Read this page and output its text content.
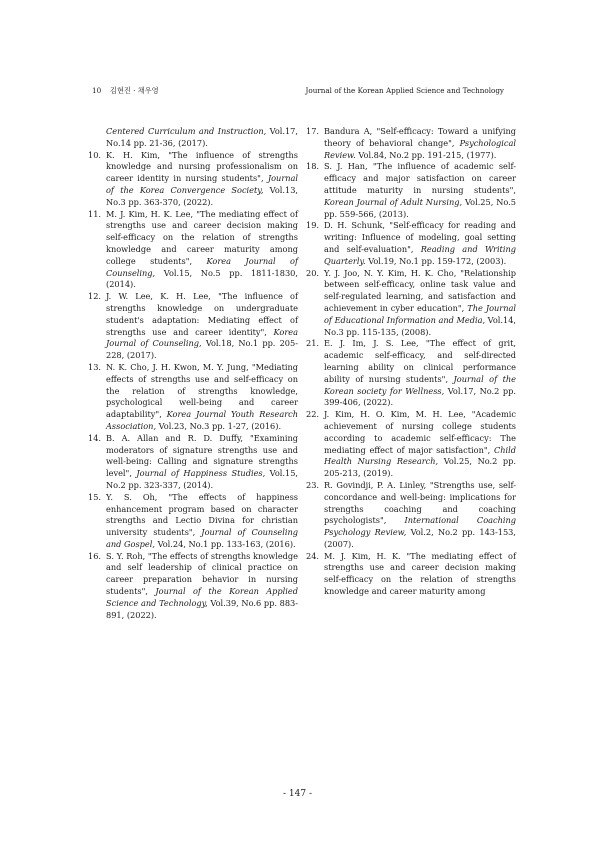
10 김현진 · 채우영	Journal of the Korean Applied Science and Technology

Centered Curriculum and Instruction, Vol.17, No.14 pp. 21-36, (2017).

10. K. H. Kim, "The influence of strengths knowledge and nursing professionalism on career identity in nursing students", Journal of the Korea Convergence Society, Vol.13, No.3 pp. 363-370, (2022).

11. M. J. Kim, H. K. Lee, "The mediating effect of strengths use and career decision making self-efficacy on the relation of strengths knowledge and career maturity among college students", Korea Journal of Counseling, Vol.15, No.5 pp. 1811-1830, (2014).

12. J. W. Lee, K. H. Lee, "The influence of strengths knowledge on undergraduate student's adaptation: Mediating effect of strengths use and career identity", Korea Journal of Counseling, Vol.18, No.1 pp. 205-228, (2017).

13. N. K. Cho, J. H. Kwon, M. Y. Jung, "Mediating effects of strengths use and self-efficacy on the relation of strengths knowledge, psychological well-being and career adaptability", Korea Journal Youth Research Association, Vol.23, No.3 pp. 1-27, (2016).

14. B. A. Allan and R. D. Duffy, "Examining moderators of signature strengths use and well-being: Calling and signature strengths level", Journal of Happiness Studies, Vol.15, No.2 pp. 323-337, (2014).

15. Y. S. Oh, "The effects of happiness enhancement program based on character strengths and Lectio Divina for christian university students", Journal of Counseling and Gospel, Vol.24, No.1 pp. 133-163, (2016).

16. S. Y. Roh, "The effects of strengths knowledge and self leadership of clinical practice on career preparation behavior in nursing students", Journal of the Korean Applied Science and Technology, Vol.39, No.6 pp. 883-891, (2022).

17. Bandura A, "Self-efficacy: Toward a unifying theory of behavioral change", Psychological Review. Vol.84, No.2 pp. 191-215, (1977).

18. S. J. Han, "The influence of academic self-efficacy and major satisfaction on career attitude maturity in nursing students", Korean Journal of Adult Nursing, Vol.25, No.5 pp. 559-566, (2013).

19. D. H. Schunk, "Self-efficacy for reading and writing: Influence of modeling, goal setting and self-evaluation", Reading and Writing Quarterly. Vol.19, No.1 pp. 159-172, (2003).

20. Y. J. Joo, N. Y. Kim, H. K. Cho, "Relationship between self-efficacy, online task value and self-regulated learning, and satisfaction and achievement in cyber education", The Journal of Educational Information and Media, Vol.14, No.3 pp. 115-135, (2008).

21. E. J. Im, J. S. Lee, "The effect of grit, academic self-efficacy, and self-directed learning ability on clinical performance ability of nursing students", Journal of the Korean society for Wellness, Vol.17, No.2 pp. 399-406, (2022).

22. J. Kim, H. O. Kim, M. H. Lee, "Academic achievement of nursing college students according to academic self-efficacy: The mediating effect of major satisfaction", Child Health Nursing Research, Vol.25, No.2 pp. 205-213, (2019).

23. R. Govindji, P. A. Linley, "Strengths use, self-concordance and well-being: implications for strengths coaching and coaching psychologists", International Coaching Psychology Review, Vol.2, No.2 pp. 143-153, (2007).

24. M. J. Kim, H. K. "The mediating effect of strengths use and career decision making self-efficacy on the relation of strengths knowledge and career maturity among

- 147 -
